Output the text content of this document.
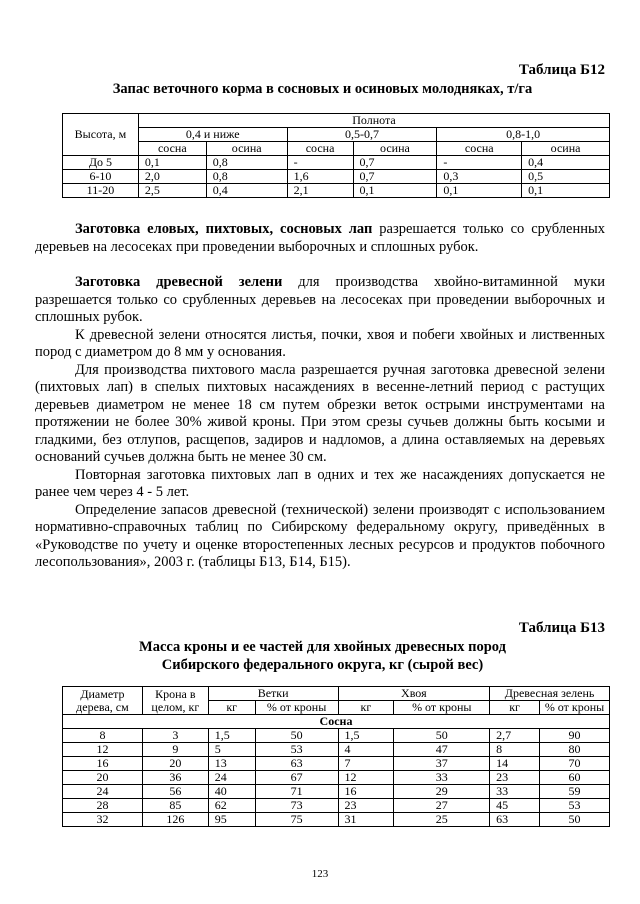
Таблица Б12
Запас веточного корма в сосновых и осиновых молодняках, т/га
Высота, м	Полнота					
	0,4 и ниже		0,5-0,7		0,8-1,0	
	сосна	осина	сосна	осина	сосна	осина
До 5	0,1	0,8	-	0,7	-	0,4
6-10	2,0	0,8	1,6	0,7	0,3	0,5
11-20	2,5	0,4	2,1	0,1	0,1	0,1

Заготовка еловых, пихтовых, сосновых лап разрешается только со срубленных деревьев на лесосеках при проведении выборочных и сплошных рубок.

Заготовка древесной зелени для производства хвойно-витаминной муки разрешается только со срубленных деревьев на лесосеках при проведении выборочных и сплошных рубок.

К древесной зелени относятся листья, почки, хвоя и побеги хвойных и лиственных пород с диаметром до 8 мм у основания.

Для производства пихтового масла разрешается ручная заготовка древесной зелени (пихтовых лап) в спелых пихтовых насаждениях в весенне-летний период с растущих деревьев диаметром не менее 18 см путем обрезки веток острыми инструментами на протяжении не более 30% живой кроны. При этом срезы сучьев должны быть косыми и гладкими, без отлупов, расщепов, задиров и надломов, а длина оставляемых на деревьях оснований сучьев должна быть не менее 30 см.

Повторная заготовка пихтовых лап в одних и тех же насаждениях допускается не ранее чем через 4 - 5 лет.

Определение запасов древесной (технической) зелени производят с использованием нормативно-справочных таблиц по Сибирскому федеральному округу, приведённых в «Руководстве по учету и оценке второстепенных лесных ресурсов и продуктов побочного лесопользования», 2003 г. (таблицы Б13, Б14, Б15).

Таблица Б13
Масса кроны и ее частей для хвойных древесных пород
Сибирского федерального округа, кг (сырой вес)
Диаметр дерева, см	Крона в целом, кг	Ветки		Хвоя		Древесная зелень	
		кг	% от кроны	кг	% от кроны	кг	% от кроны
Сосна							
8	3	1,5	50	1,5	50	2,7	90
12	9	5	53	4	47	8	80
16	20	13	63	7	37	14	70
20	36	24	67	12	33	23	60
24	56	40	71	16	29	33	59
28	85	62	73	23	27	45	53
32	126	95	75	31	25	63	50
123
